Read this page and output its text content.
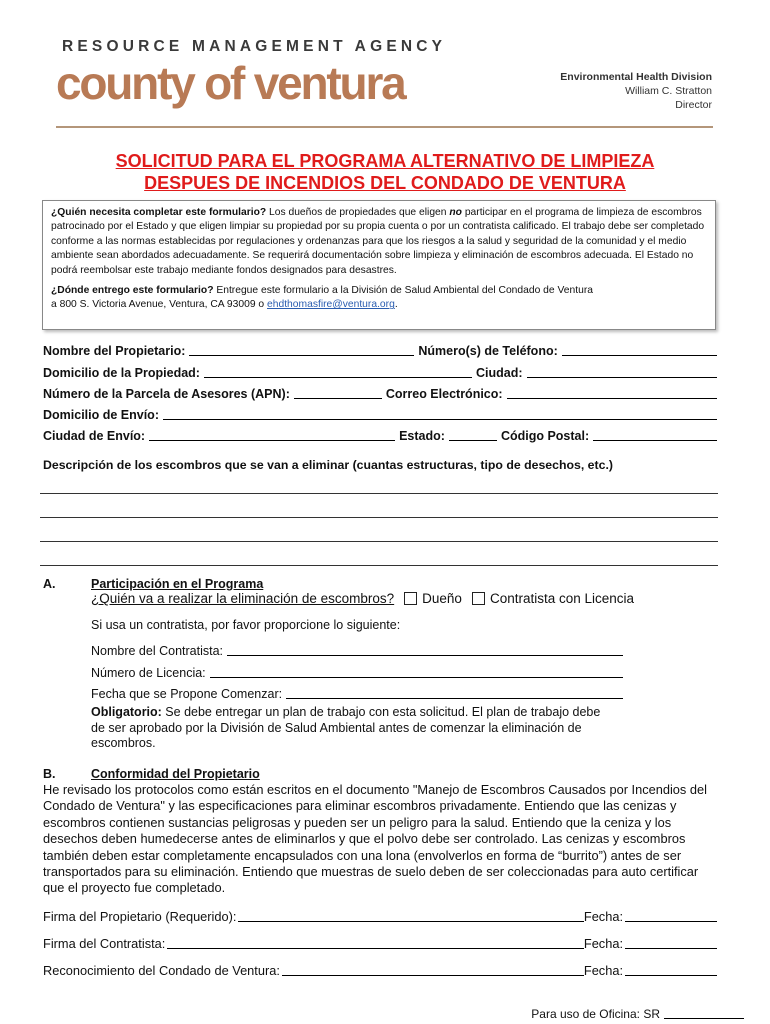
RESOURCE MANAGEMENT AGENCY
county of ventura	Environmental Health Division
William C. Stratton
Director
SOLICITUD PARA EL PROGRAMA ALTERNATIVO DE LIMPIEZA
DESPUES DE INCENDIOS DEL CONDADO DE VENTURA

¿Quién necesita completar este formulario? Los dueños de propiedades que eligen no participar en el programa de limpieza de escombros patrocinado por el Estado y que eligen limpiar su propiedad por su propia cuenta o por un contratista calificado. El trabajo debe ser completado conforme a las normas establecidas por regulaciones y ordenanzas para que los riesgos a la salud y seguridad de la comunidad y el medio ambiente sean abordados adecuadamente. Se requerirá documentación sobre limpieza y eliminación de escombros adecuada. El Estado no podrá reembolsar este trabajo mediante fondos designados para desastres.

¿Dónde entrego este formulario? Entregue este formulario a la División de Salud Ambiental del Condado de Ventura
a 800 S. Victoria Avenue, Ventura, CA 93009 o ehdthomasfire@ventura.org.

Nombre del Propietario:	Número(s) de Teléfono:
Domicilio de la Propiedad:	Ciudad:
Número de la Parcela de Asesores (APN):	Correo Electrónico:
Domicilio de Envío:
Ciudad de Envío:	Estado:	Código Postal:
Descripción de los escombros que se van a eliminar (cuantas estructuras, tipo de desechos, etc.)
A.	Participación en el Programa
¿Quién va a realizar la eliminación de escombros? Dueño Contratista con Licencia
Si usa un contratista, por favor proporcione lo siguiente:
Nombre del Contratista:
Número de Licencia:
Fecha que se Propone Comenzar:
Obligatorio: Se debe entregar un plan de trabajo con esta solicitud. El plan de trabajo debe de ser aprobado por la División de Salud Ambiental antes de comenzar la eliminación de escombros.
B.	Conformidad del Propietario
He revisado los protocolos como están escritos en el documento "Manejo de Escombros Causados por Incendios del Condado de Ventura" y las especificaciones para eliminar escombros privadamente. Entiendo que las cenizas y escombros contienen sustancias peligrosas y pueden ser un peligro para la salud. Entiendo que la ceniza y los desechos deben humedecerse antes de eliminarlos y que el polvo debe ser controlado. Las cenizas y escombros también deben estar completamente encapsulados con una lona (envolverlos en forma de “burrito”) antes de ser transportados para su eliminación. Entiendo que muestras de suelo deben de ser coleccionadas para auto certificar que el proyecto fue completado.
Firma del Propietario (Requerido):	Fecha:
Firma del Contratista:	Fecha:
Reconocimiento del Condado de Ventura:	Fecha:
Para uso de Oficina: SR
